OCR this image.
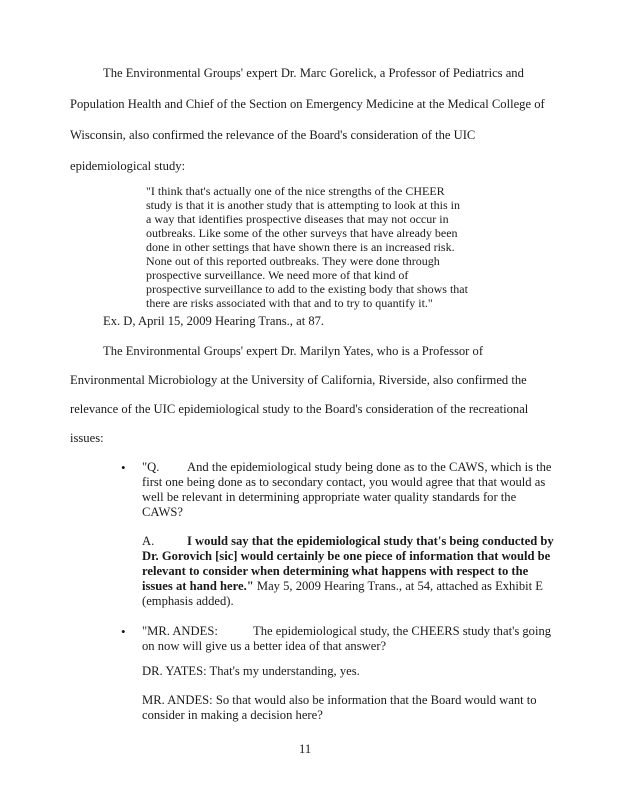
The Environmental Groups' expert Dr. Marc Gorelick, a Professor of Pediatrics and
Population Health and Chief of the Section on Emergency Medicine at the Medical College of
Wisconsin, also confirmed the relevance of the Board's consideration of the UIC
epidemiological study:
"I think that's actually one of the nice strengths of the CHEER
study is that it is another study that is attempting to look at this in
a way that identifies prospective diseases that may not occur in
outbreaks. Like some of the other surveys that have already been
done in other settings that have shown there is an increased risk.
None out of this reported outbreaks. They were done through
prospective surveillance. We need more of that kind of
prospective surveillance to add to the existing body that shows that
there are risks associated with that and to try to quantify it."
Ex. D, April 15, 2009 Hearing Trans., at 87.
The Environmental Groups' expert Dr. Marilyn Yates, who is a Professor of
Environmental Microbiology at the University of California, Riverside, also confirmed the
relevance of the UIC epidemiological study to the Board's consideration of the recreational
issues:
• "Q. And the epidemiological study being done as to the CAWS, which is the
first one being done as to secondary contact, you would agree that that would as
well be relevant in determining appropriate water quality standards for the
CAWS?
A.	I would say that the epidemiological study that's being conducted by
Dr. Gorovich [sic] would certainly be one piece of information that would be
relevant to consider when determining what happens with respect to the
issues at hand here." May 5, 2009 Hearing Trans., at 54, attached as Exhibit E
(emphasis added).
• "MR. ANDES:	The epidemiological study, the CHEERS study that's going
on now will give us a better idea of that answer?
DR. YATES: That's my understanding, yes.
MR. ANDES: So that would also be information that the Board would want to
consider in making a decision here?
11
